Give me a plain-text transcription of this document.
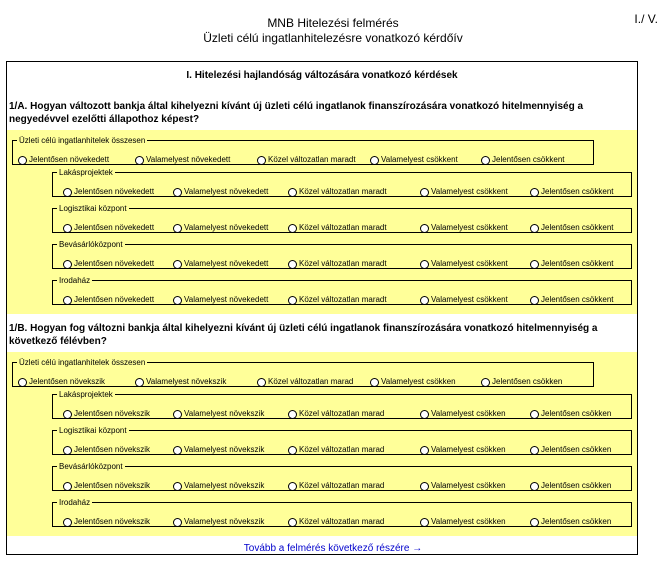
MNB Hitelezési felmérés
Üzleti célú ingatlanhitelezésre vonatkozó kérdőív
I./ V.
I. Hitelezési hajlandóság változására vonatkozó kérdések
1/A. Hogyan változott bankja által kihelyezni kívánt új üzleti célú ingatlanok finanszírozására vonatkozó hitelmennyiség a negyedévvel ezelőtti állapothoz képest?
Üzleti célú ingatlanhitelek összesen
Jelentősen növekedett	Valamelyest növekedett	Közel változatlan maradt	Valamelyest csökkent	Jelentősen csökkent
Lakásprojektek
Jelentősen növekedett	Valamelyest növekedett	Közel változatlan maradt	Valamelyest csökkent	Jelentősen csökkent
Logisztikai központ
Jelentősen növekedett	Valamelyest növekedett	Közel változatlan maradt	Valamelyest csökkent	Jelentősen csökkent
Bevásárlóközpont
Jelentősen növekedett	Valamelyest növekedett	Közel változatlan maradt	Valamelyest csökkent	Jelentősen csökkent
Irodaház
Jelentősen növekedett	Valamelyest növekedett	Közel változatlan maradt	Valamelyest csökkent	Jelentősen csökkent
1/B. Hogyan fog változni bankja által kihelyezni kívánt új üzleti célú ingatlanok finanszírozására vonatkozó hitelmennyiség a következő félévben?
Üzleti célú ingatlanhitelek összesen
Jelentősen növekszik	Valamelyest növekszik	Közel változatlan marad	Valamelyest csökken	Jelentősen csökken
Lakásprojektek
Jelentősen növekszik	Valamelyest növekszik	Közel változatlan marad	Valamelyest csökken	Jelentősen csökken
Logisztikai központ
Jelentősen növekszik	Valamelyest növekszik	Közel változatlan marad	Valamelyest csökken	Jelentősen csökken
Bevásárlóközpont
Jelentősen növekszik	Valamelyest növekszik	Közel változatlan marad	Valamelyest csökken	Jelentősen csökken
Irodaház
Jelentősen növekszik	Valamelyest növekszik	Közel változatlan marad	Valamelyest csökken	Jelentősen csökken
Tovább a felmérés következő részére →
